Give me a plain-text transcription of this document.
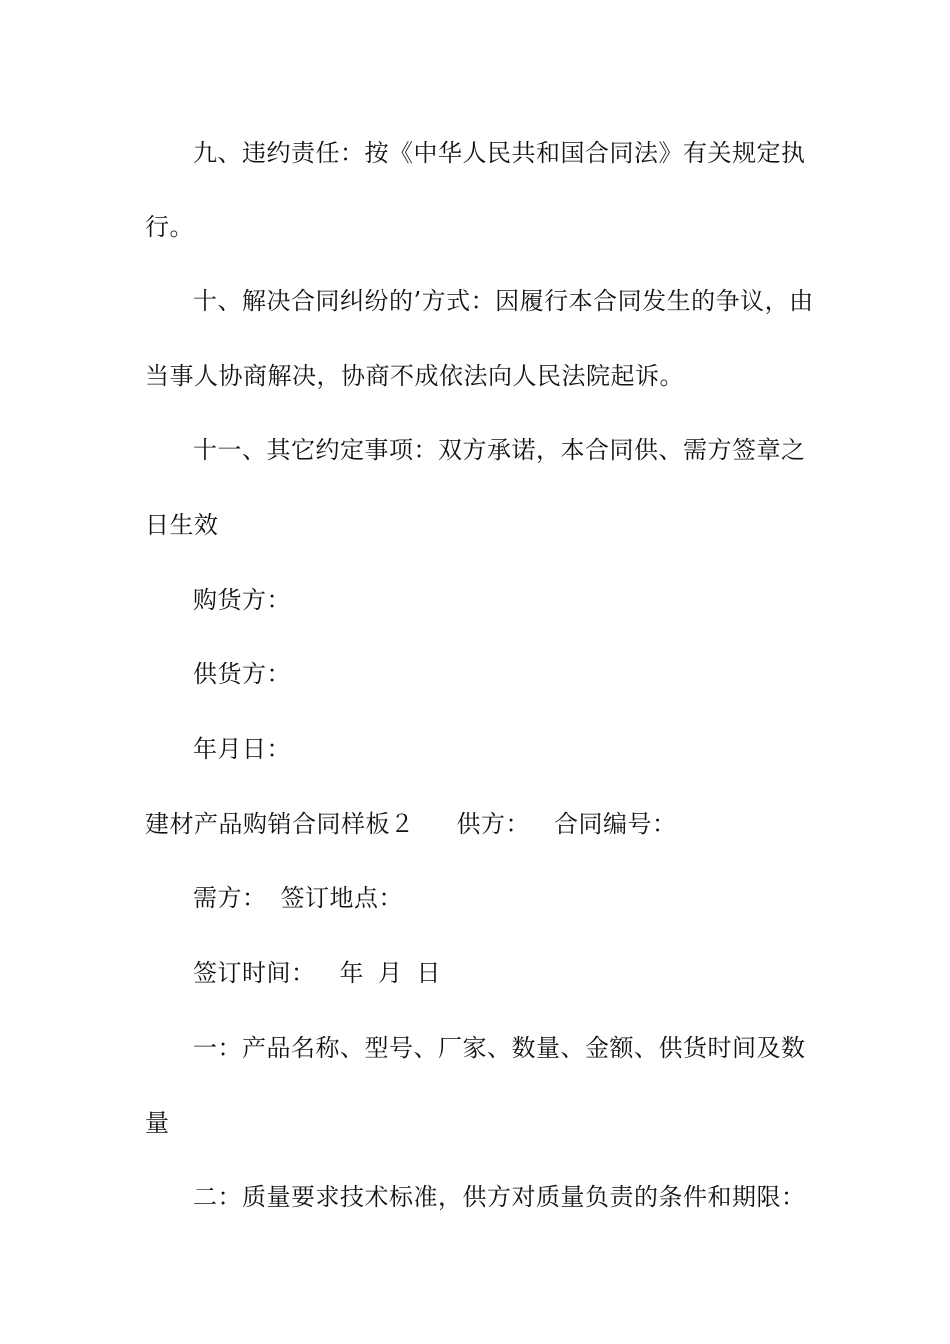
九、违约责任：按《中华人民共和国合同法》有关规定执
行。
十、解决合同纠纷的’方式：因履行本合同发生的争议，由
当事人协商解决，协商不成依法向人民法院起诉。
十一、其它约定事项：双方承诺，本合同供、需方签章之
日生效
购货方：
供货方：
年月日：
建材产品购销合同样板２ 供方： 合同编号：
需方： 签订地点：
签订时间： 年 月 日
一：产品名称、型号、厂家、数量、金额、供货时间及数
量
二：质量要求技术标准，供方对质量负责的条件和期限：
